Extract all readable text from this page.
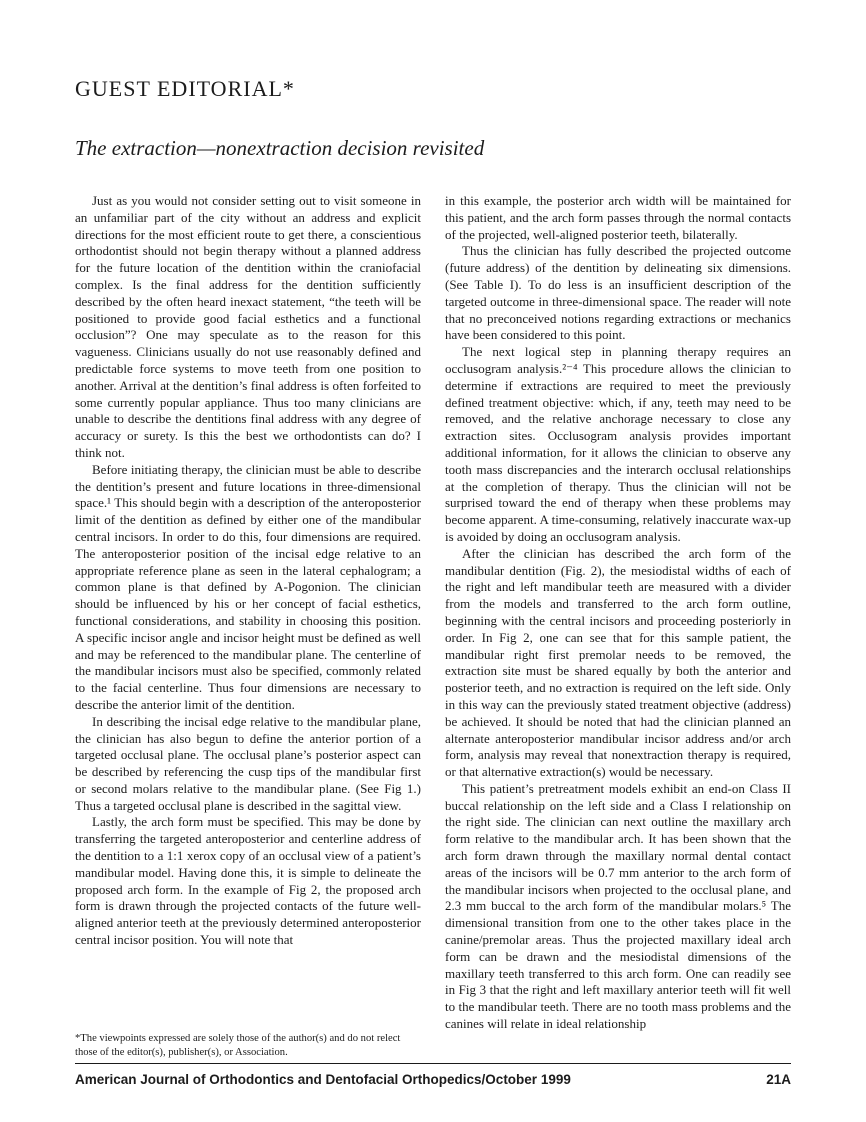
GUEST EDITORIAL*
The extraction—nonextraction decision revisited

Just as you would not consider setting out to visit someone in an unfamiliar part of the city without an address and explicit directions for the most efficient route to get there, a conscientious orthodontist should not begin therapy without a planned address for the future location of the dentition within the craniofacial complex. Is the final address for the dentition sufficiently described by the often heard inexact statement, “the teeth will be positioned to provide good facial esthetics and a functional occlusion”? One may speculate as to the reason for this vagueness. Clinicians usually do not use reasonably defined and predictable force systems to move teeth from one position to another. Arrival at the dentition’s final address is often forfeited to some currently popular appliance. Thus too many clinicians are unable to describe the dentitions final address with any degree of accuracy or surety. Is this the best we orthodontists can do? I think not.

Before initiating therapy, the clinician must be able to describe the dentition’s present and future locations in three-dimensional space.¹ This should begin with a description of the anteroposterior limit of the dentition as defined by either one of the mandibular central incisors. In order to do this, four dimensions are required. The anteroposterior position of the incisal edge relative to an appropriate reference plane as seen in the lateral cephalogram; a common plane is that defined by A-Pogonion. The clinician should be influenced by his or her concept of facial esthetics, functional considerations, and stability in choosing this position. A specific incisor angle and incisor height must be defined as well and may be referenced to the mandibular plane. The centerline of the mandibular incisors must also be specified, commonly related to the facial centerline. Thus four dimensions are necessary to describe the anterior limit of the dentition.

In describing the incisal edge relative to the mandibular plane, the clinician has also begun to define the anterior portion of a targeted occlusal plane. The occlusal plane’s posterior aspect can be described by referencing the cusp tips of the mandibular first or second molars relative to the mandibular plane. (See Fig 1.) Thus a targeted occlusal plane is described in the sagittal view.

Lastly, the arch form must be specified. This may be done by transferring the targeted anteroposterior and centerline address of the dentition to a 1:1 xerox copy of an occlusal view of a patient’s mandibular model. Having done this, it is simple to delineate the proposed arch form. In the example of Fig 2, the proposed arch form is drawn through the projected contacts of the future well-aligned anterior teeth at the previously determined anteroposterior central incisor position. You will note that

in this example, the posterior arch width will be maintained for this patient, and the arch form passes through the normal contacts of the projected, well-aligned posterior teeth, bilaterally.

Thus the clinician has fully described the projected outcome (future address) of the dentition by delineating six dimensions. (See Table I). To do less is an insufficient description of the targeted outcome in three-dimensional space. The reader will note that no preconceived notions regarding extractions or mechanics have been considered to this point.

The next logical step in planning therapy requires an occlusogram analysis.²⁻⁴ This procedure allows the clinician to determine if extractions are required to meet the previously defined treatment objective: which, if any, teeth may need to be removed, and the relative anchorage necessary to close any extraction sites. Occlusogram analysis provides important additional information, for it allows the clinician to observe any tooth mass discrepancies and the interarch occlusal relationships at the completion of therapy. Thus the clinician will not be surprised toward the end of therapy when these problems may become apparent. A time-consuming, relatively inaccurate wax-up is avoided by doing an occlusogram analysis.

After the clinician has described the arch form of the mandibular dentition (Fig. 2), the mesiodistal widths of each of the right and left mandibular teeth are measured with a divider from the models and transferred to the arch form outline, beginning with the central incisors and proceeding posteriorly in order. In Fig 2, one can see that for this sample patient, the mandibular right first premolar needs to be removed, the extraction site must be shared equally by both the anterior and posterior teeth, and no extraction is required on the left side. Only in this way can the previously stated treatment objective (address) be achieved. It should be noted that had the clinician planned an alternate anteroposterior mandibular incisor address and/or arch form, analysis may reveal that nonextraction therapy is required, or that alternative extraction(s) would be necessary.

This patient’s pretreatment models exhibit an end-on Class II buccal relationship on the left side and a Class I relationship on the right side. The clinician can next outline the maxillary arch form relative to the mandibular arch. It has been shown that the arch form drawn through the maxillary normal dental contact areas of the incisors will be 0.7 mm anterior to the arch form of the mandibular incisors when projected to the occlusal plane, and 2.3 mm buccal to the arch form of the mandibular molars.⁵ The dimensional transition from one to the other takes place in the canine/premolar areas. Thus the projected maxillary ideal arch form can be drawn and the mesiodistal dimensions of the maxillary teeth transferred to this arch form. One can readily see in Fig 3 that the right and left maxillary anterior teeth will fit well to the mandibular teeth. There are no tooth mass problems and the canines will relate in ideal relationship

*The viewpoints expressed are solely those of the author(s) and do not relect those of the editor(s), publisher(s), or Association.
American Journal of Orthodontics and Dentofacial Orthopedics/October 1999	21A
